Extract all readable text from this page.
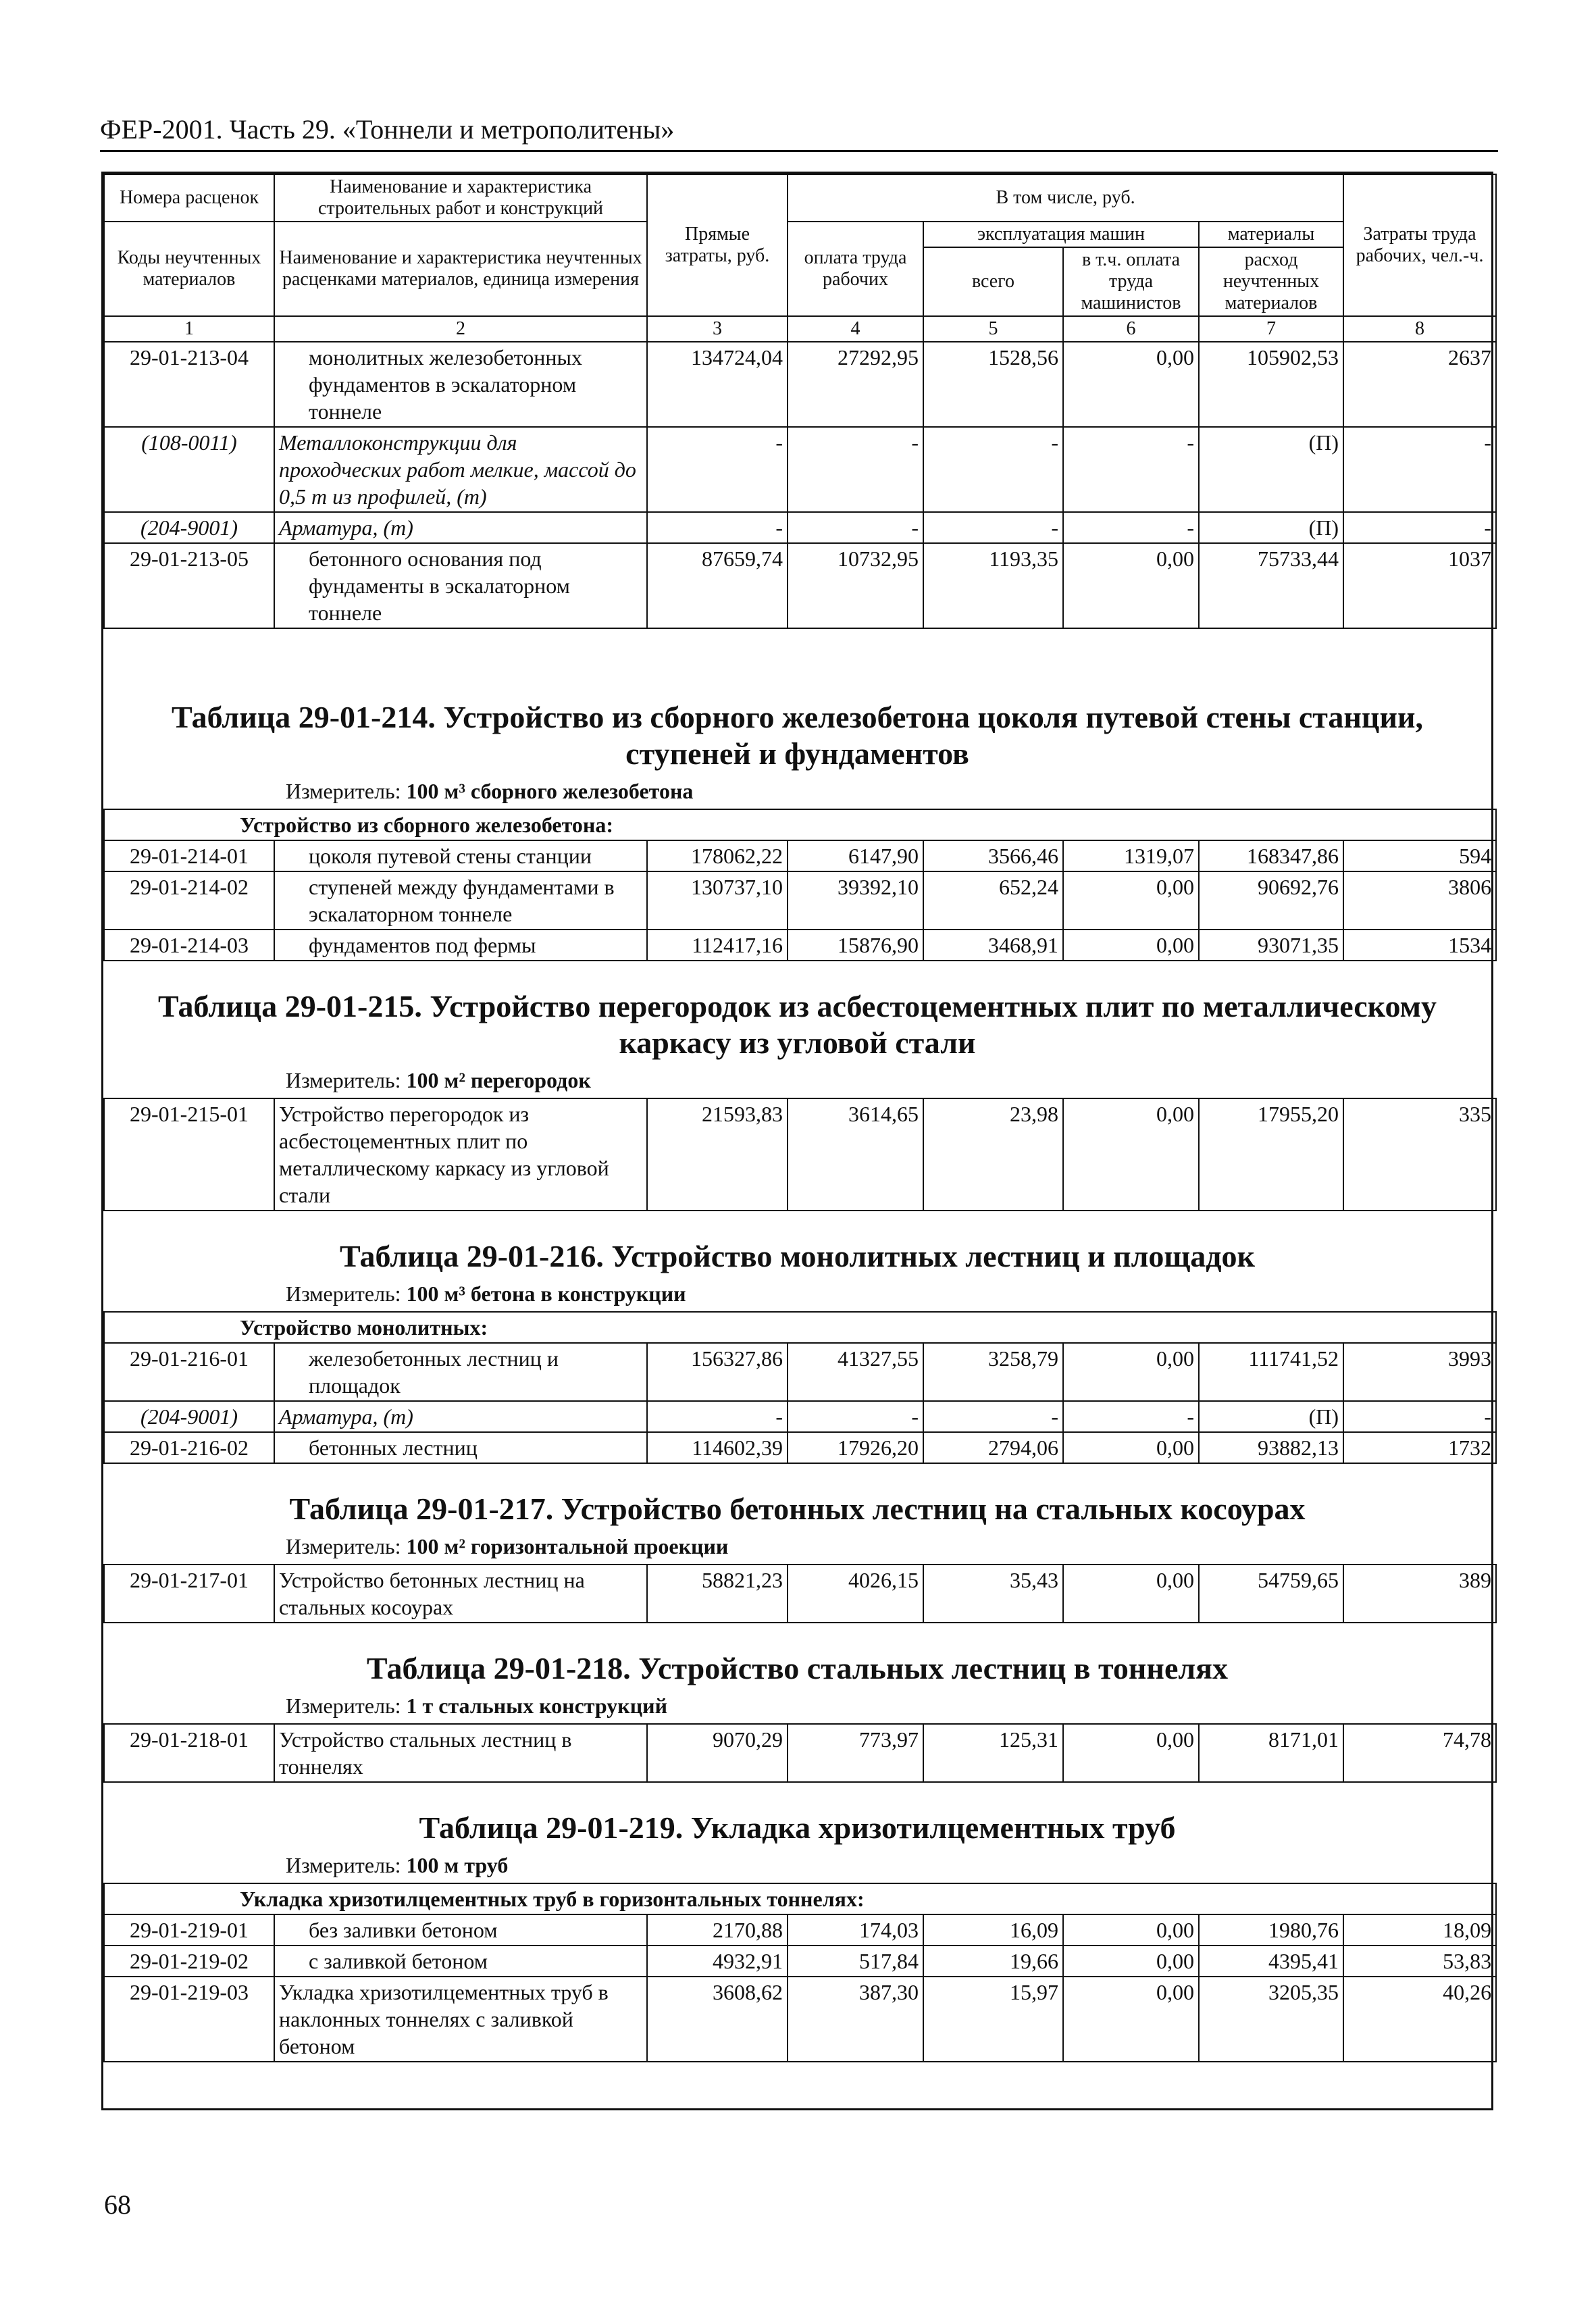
ФЕР-2001. Часть 29. «Тоннели и метрополитены»
Номера расценок	Наименование и характеристика строительных работ и конструкций	Прямые затраты, руб.	В том числе, руб.				Затраты труда рабочих, чел.-ч.
Коды неучтенных материалов	Наименование и характеристика неучтенных расценками материалов, единица измерения		оплата труда рабочих	эксплуатация машин		материалы	
				всего	в т.ч. оплата труда машинистов	расход неучтенных материалов	
1	2	3	4	5	6	7	8
29-01-213-04	монолитных железобетонных фундаментов в эскалаторном тоннеле	134724,04	27292,95	1528,56	0,00	105902,53	2637
(108-0011)	Металлоконструкции для проходческих работ мелкие, массой до 0,5 т из профилей, (т)	-	-	-	-	(П)	-
(204-9001)	Арматура, (т)	-	-	-	-	(П)	-
29-01-213-05	бетонного основания под фундаменты в эскалаторном тоннеле	87659,74	10732,95	1193,35	0,00	75733,44	1037

Таблица 29-01-214. Устройство из сборного железобетона цоколя путевой стены станции, ступеней и фундаментов
Измеритель: 100 м³ сборного железобетона
Устройство из сборного железобетона:							
29-01-214-01	цоколя путевой стены станции	178062,22	6147,90	3566,46	1319,07	168347,86	594
29-01-214-02	ступеней между фундаментами в эскалаторном тоннеле	130737,10	39392,10	652,24	0,00	90692,76	3806
29-01-214-03	фундаментов под фермы	112417,16	15876,90	3468,91	0,00	93071,35	1534
Таблица 29-01-215. Устройство перегородок из асбестоцементных плит по металлическому каркасу из угловой стали
Измеритель: 100 м² перегородок
29-01-215-01	Устройство перегородок из асбестоцементных плит по металлическому каркасу из угловой стали	21593,83	3614,65	23,98	0,00	17955,20	335
Таблица 29-01-216. Устройство монолитных лестниц и площадок
Измеритель: 100 м³ бетона в конструкции
Устройство монолитных:							
29-01-216-01	железобетонных лестниц и площадок	156327,86	41327,55	3258,79	0,00	111741,52	3993
(204-9001)	Арматура, (т)	-	-	-	-	(П)	-
29-01-216-02	бетонных лестниц	114602,39	17926,20	2794,06	0,00	93882,13	1732
Таблица 29-01-217. Устройство бетонных лестниц на стальных косоурах
Измеритель: 100 м² горизонтальной проекции
29-01-217-01	Устройство бетонных лестниц на стальных косоурах	58821,23	4026,15	35,43	0,00	54759,65	389
Таблица 29-01-218. Устройство стальных лестниц в тоннелях
Измеритель: 1 т стальных конструкций
29-01-218-01	Устройство стальных лестниц в тоннелях	9070,29	773,97	125,31	0,00	8171,01	74,78
Таблица 29-01-219. Укладка хризотилцементных труб
Измеритель: 100 м труб
Укладка хризотилцементных труб в горизонтальных тоннелях:							
29-01-219-01	без заливки бетоном	2170,88	174,03	16,09	0,00	1980,76	18,09
29-01-219-02	с заливкой бетоном	4932,91	517,84	19,66	0,00	4395,41	53,83
29-01-219-03	Укладка хризотилцементных труб в наклонных тоннелях с заливкой бетоном	3608,62	387,30	15,97	0,00	3205,35	40,26
68
